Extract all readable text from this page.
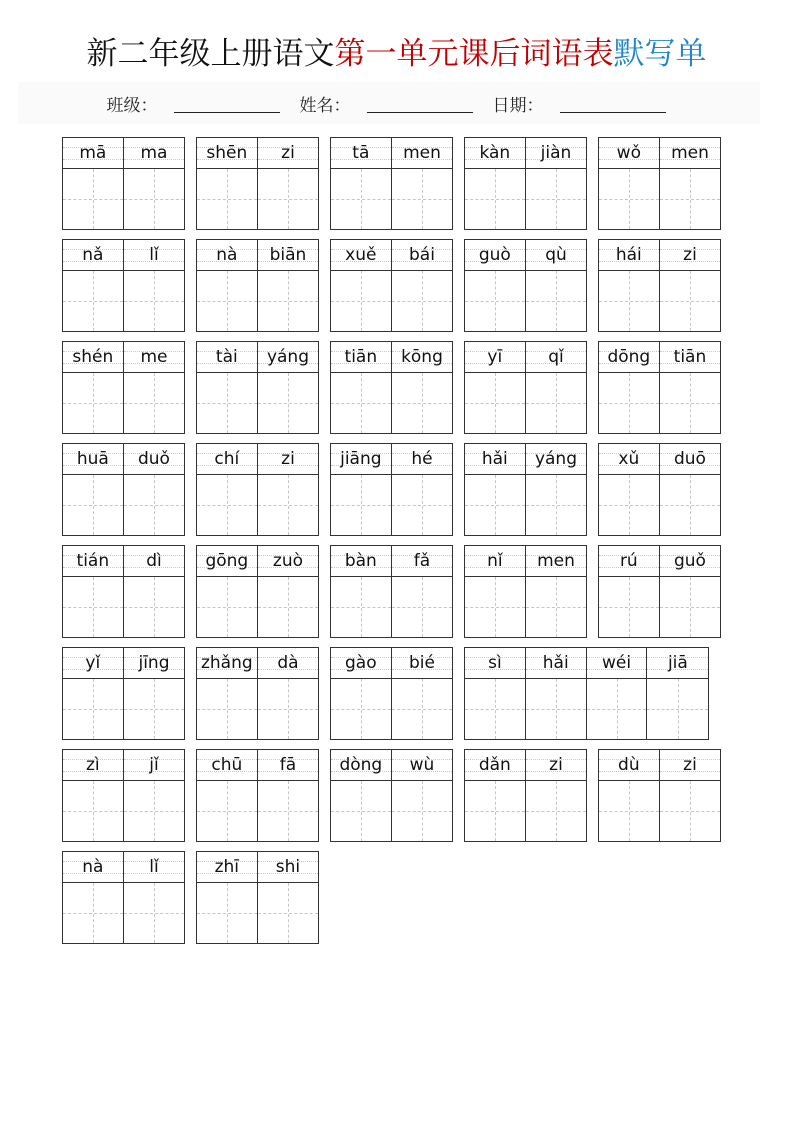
新二年级上册语文第一单元课后词语表默写单
班级：	姓名：	日期：
mā ma shēn zi	tā men kàn jiàn	wǒ men
nǎ	lǐ	nà biān xuě bái	guò qù	hái zi
shén me	tài yáng tiān kōng	yī	qǐ	dōng tiān
huā duǒ	chí zi	jiāng hé	hǎi yáng xǔ duō
tián dì	gōng zuò bàn fǎ	nǐ men	rú guǒ
yǐ jīng zhǎng dà	gào bié	sì hǎi wéi jiā
zì	jǐ	chū fā	dòng wù	dǎn zi	dù	zi
nà	lǐ	zhī shi
